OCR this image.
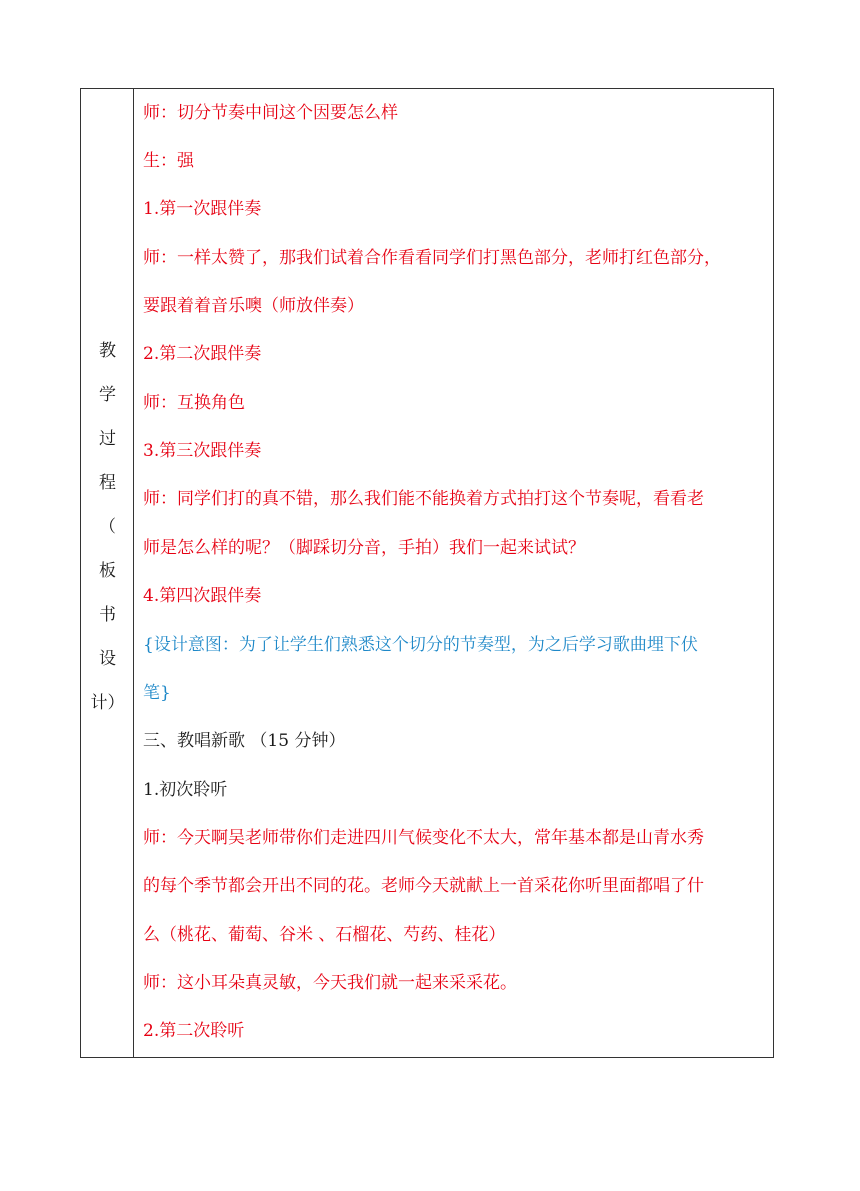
教
学
过
程
（
板
书
设
计）
师：切分节奏中间这个因要怎么样
生：强
1.第一次跟伴奏
师：一样太赞了，那我们试着合作看看同学们打黑色部分，老师打红色部分，
要跟着着音乐噢（师放伴奏）
2.第二次跟伴奏
师：互换角色
3.第三次跟伴奏
师：同学们打的真不错，那么我们能不能换着方式拍打这个节奏呢，看看老
师是怎么样的呢？（脚踩切分音，手拍）我们一起来试试？
4.第四次跟伴奏
{设计意图：为了让学生们熟悉这个切分的节奏型，为之后学习歌曲埋下伏
笔}
三、教唱新歌 （15 分钟）
1.初次聆听
师：今天啊吴老师带你们走进四川气候变化不太大，常年基本都是山青水秀
的每个季节都会开出不同的花。老师今天就献上一首采花你听里面都唱了什
么（桃花、葡萄、谷米 、石榴花、芍药、桂花）
师：这小耳朵真灵敏，今天我们就一起来采采花。
2.第二次聆听
